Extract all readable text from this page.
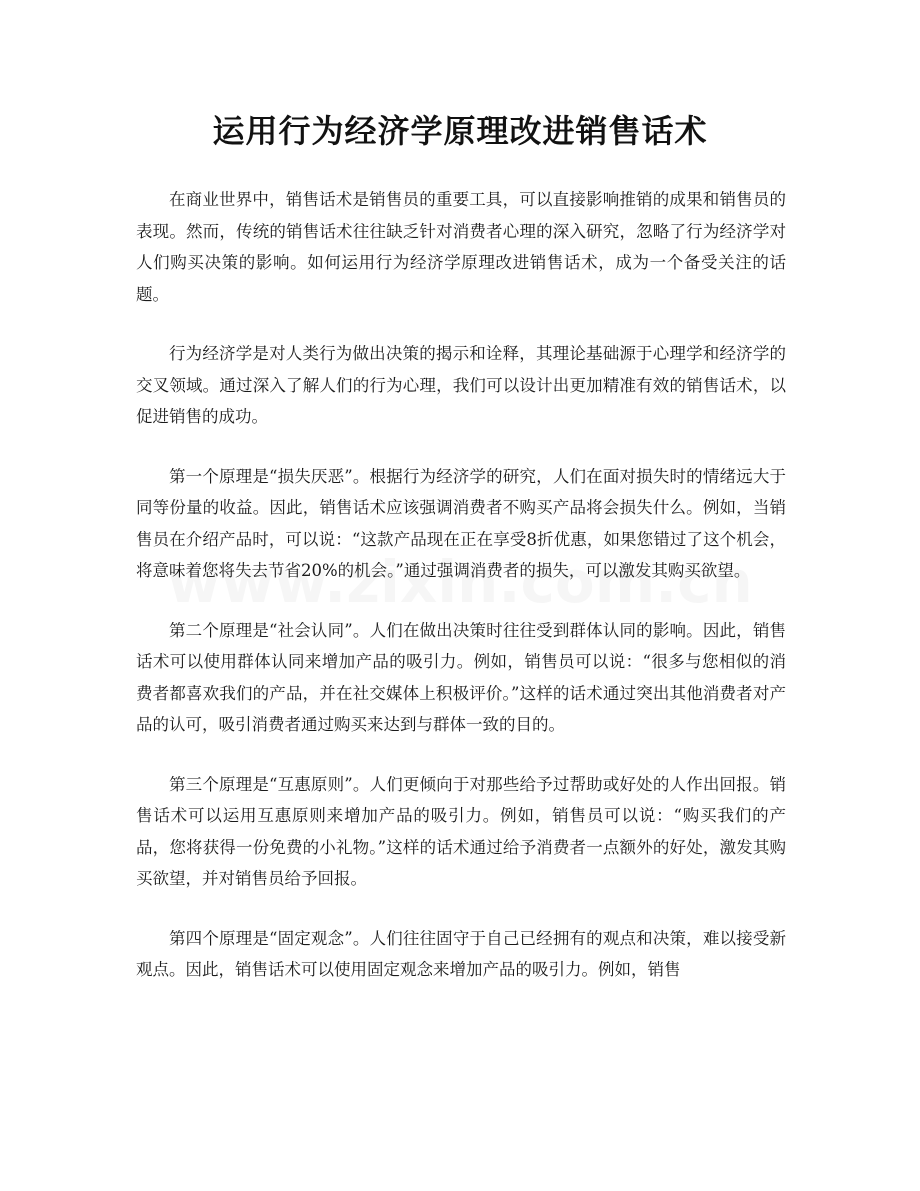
运用行为经济学原理改进销售话术

在商业世界中，销售话术是销售员的重要工具，可以直接影响推销的成果和销售员的表现。然而，传统的销售话术往往缺乏针对消费者心理的深入研究，忽略了行为经济学对人们购买决策的影响。如何运用行为经济学原理改进销售话术，成为一个备受关注的话题。

行为经济学是对人类行为做出决策的揭示和诠释，其理论基础源于心理学和经济学的交叉领域。通过深入了解人们的行为心理，我们可以设计出更加精准有效的销售话术，以促进销售的成功。

第一个原理是“损失厌恶”。根据行为经济学的研究，人们在面对损失时的情绪远大于同等份量的收益。因此，销售话术应该强调消费者不购买产品将会损失什么。例如，当销售员在介绍产品时，可以说：“这款产品现在正在享受8折优惠，如果您错过了这个机会，将意味着您将失去节省20%的机会。”通过强调消费者的损失，可以激发其购买欲望。

第二个原理是“社会认同”。人们在做出决策时往往受到群体认同的影响。因此，销售话术可以使用群体认同来增加产品的吸引力。例如，销售员可以说：“很多与您相似的消费者都喜欢我们的产品，并在社交媒体上积极评价。”这样的话术通过突出其他消费者对产品的认可，吸引消费者通过购买来达到与群体一致的目的。

第三个原理是“互惠原则”。人们更倾向于对那些给予过帮助或好处的人作出回报。销售话术可以运用互惠原则来增加产品的吸引力。例如，销售员可以说：“购买我们的产品，您将获得一份免费的小礼物。”这样的话术通过给予消费者一点额外的好处，激发其购买欲望，并对销售员给予回报。

第四个原理是“固定观念”。人们往往固守于自己已经拥有的观点和决策，难以接受新观点。因此，销售话术可以使用固定观念来增加产品的吸引力。例如，销售
